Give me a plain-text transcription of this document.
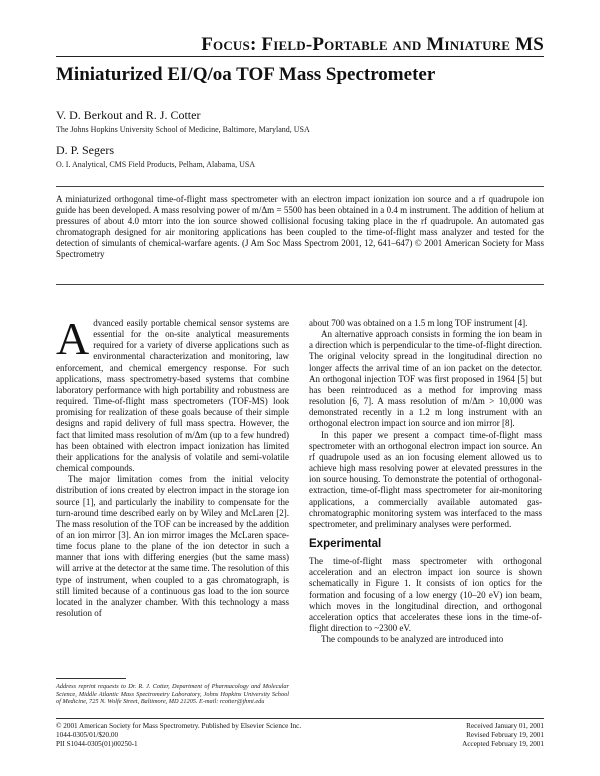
Focus: Field-Portable and Miniature MS
Miniaturized EI/Q/oa TOF Mass Spectrometer
V. D. Berkout and R. J. Cotter
The Johns Hopkins University School of Medicine, Baltimore, Maryland, USA
D. P. Segers
O. I. Analytical, CMS Field Products, Pelham, Alabama, USA
A miniaturized orthogonal time-of-flight mass spectrometer with an electron impact ionization ion source and a rf quadrupole ion guide has been developed. A mass resolving power of m/Δm = 5500 has been obtained in a 0.4 m instrument. The addition of helium at pressures of about 4.0 mtorr into the ion source showed collisional focusing taking place in the rf quadrupole. An automated gas chromatograph designed for air monitoring applications has been coupled to the time-of-flight mass analyzer and tested for the detection of simulants of chemical-warfare agents. (J Am Soc Mass Spectrom 2001, 12, 641–647) © 2001 American Society for Mass Spectrometry

Advanced easily portable chemical sensor systems are essential for the on-site analytical measurements required for a variety of diverse applications such as environmental characterization and monitoring, law enforcement, and chemical emergency response. For such applications, mass spectrometry-based systems that combine laboratory performance with high portability and robustness are required. Time-of-flight mass spectrometers (TOF-MS) look promising for realization of these goals because of their simple designs and rapid delivery of full mass spectra. However, the fact that limited mass resolution of m/Δm (up to a few hundred) has been obtained with electron impact ionization has limited their applications for the analysis of volatile and semi-volatile chemical compounds.

The major limitation comes from the initial velocity distribution of ions created by electron impact in the storage ion source [1], and particularly the inability to compensate for the turn-around time described early on by Wiley and McLaren [2]. The mass resolution of the TOF can be increased by the addition of an ion mirror [3]. An ion mirror images the McLaren space-time focus plane to the plane of the ion detector in such a manner that ions with differing energies (but the same mass) will arrive at the detector at the same time. The resolution of this type of instrument, when coupled to a gas chromatograph, is still limited because of a continuous gas load to the ion source located in the analyzer chamber. With this technology a mass resolution of

about 700 was obtained on a 1.5 m long TOF instrument [4].

An alternative approach consists in forming the ion beam in a direction which is perpendicular to the time-of-flight direction. The original velocity spread in the longitudinal direction no longer affects the arrival time of an ion packet on the detector. An orthogonal injection TOF was first proposed in 1964 [5] but has been reintroduced as a method for improving mass resolution [6, 7]. A mass resolution of m/Δm > 10,000 was demonstrated recently in a 1.2 m long instrument with an orthogonal electron impact ion source and ion mirror [8].

In this paper we present a compact time-of-flight mass spectrometer with an orthogonal electron impact ion source. An rf quadrupole used as an ion focusing element allowed us to achieve high mass resolving power at elevated pressures in the ion source housing. To demonstrate the potential of orthogonal-extraction, time-of-flight mass spectrometer for air-monitoring applications, a commercially available automated gas-chromatographic monitoring system was interfaced to the mass spectrometer, and preliminary analyses were performed.

Experimental

The time-of-flight mass spectrometer with orthogonal acceleration and an electron impact ion source is shown schematically in Figure 1. It consists of ion optics for the formation and focusing of a low energy (10–20 eV) ion beam, which moves in the longitudinal direction, and orthogonal acceleration optics that accelerates these ions in the time-of-flight direction to ~2300 eV.

The compounds to be analyzed are introduced into

Address reprint requests to Dr. R. J. Cotter, Department of Pharmacology and Molecular Science, Middle Atlantic Mass Spectrometry Laboratory, Johns Hopkins University School of Medicine, 725 N. Wolfe Street, Baltimore, MD 21205. E-mail: rcotter@jhmi.edu
© 2001 American Society for Mass Spectrometry. Published by Elsevier Science Inc.
1044-0305/01/$20.00
PII S1044-0305(01)00250-1
Received January 01, 2001
Revised February 19, 2001
Accepted February 19, 2001
